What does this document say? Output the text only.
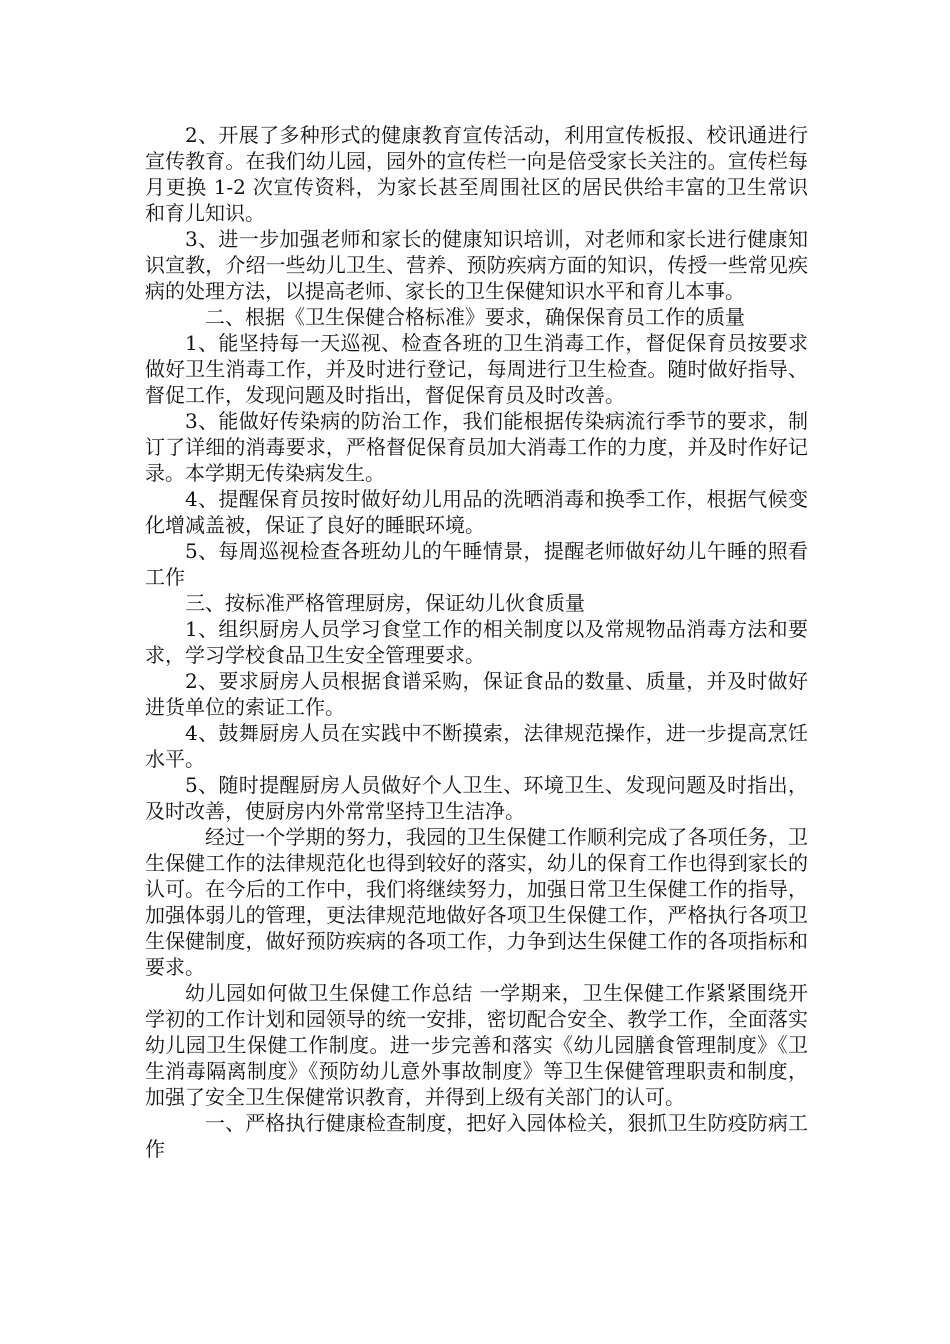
2、开展了多种形式的健康教育宣传活动，利用宣传板报、校讯通进行宣传教育。在我们幼儿园，园外的宣传栏一向是倍受家长关注的。宣传栏每月更换 1-2 次宣传资料，为家长甚至周围社区的居民供给丰富的卫生常识和育儿知识。

3、进一步加强老师和家长的健康知识培训，对老师和家长进行健康知识宣教，介绍一些幼儿卫生、营养、预防疾病方面的知识，传授一些常见疾病的处理方法，以提高老师、家长的卫生保健知识水平和育儿本事。

二、根据《卫生保健合格标准》要求，确保保育员工作的质量

1、能坚持每一天巡视、检查各班的卫生消毒工作，督促保育员按要求做好卫生消毒工作，并及时进行登记，每周进行卫生检查。随时做好指导、督促工作，发现问题及时指出，督促保育员及时改善。

3、能做好传染病的防治工作，我们能根据传染病流行季节的要求，制订了详细的消毒要求，严格督促保育员加大消毒工作的力度，并及时作好记录。本学期无传染病发生。

4、提醒保育员按时做好幼儿用品的洗晒消毒和换季工作，根据气候变化增减盖被，保证了良好的睡眠环境。

5、每周巡视检查各班幼儿的午睡情景，提醒老师做好幼儿午睡的照看工作

三、按标准严格管理厨房，保证幼儿伙食质量

1、组织厨房人员学习食堂工作的相关制度以及常规物品消毒方法和要求，学习学校食品卫生安全管理要求。

2、要求厨房人员根据食谱采购，保证食品的数量、质量，并及时做好进货单位的索证工作。

4、鼓舞厨房人员在实践中不断摸索，法律规范操作，进一步提高烹饪水平。

5、随时提醒厨房人员做好个人卫生、环境卫生、发现问题及时指出，及时改善，使厨房内外常常坚持卫生洁净。

经过一个学期的努力，我园的卫生保健工作顺利完成了各项任务，卫生保健工作的法律规范化也得到较好的落实，幼儿的保育工作也得到家长的认可。在今后的工作中，我们将继续努力，加强日常卫生保健工作的指导，加强体弱儿的管理，更法律规范地做好各项卫生保健工作，严格执行各项卫生保健制度，做好预防疾病的各项工作，力争到达生保健工作的各项指标和要求。

幼儿园如何做卫生保健工作总结 一学期来，卫生保健工作紧紧围绕开学初的工作计划和园领导的统一安排，密切配合安全、教学工作，全面落实幼儿园卫生保健工作制度。进一步完善和落实《幼儿园膳食管理制度》《卫生消毒隔离制度》《预防幼儿意外事故制度》等卫生保健管理职责和制度，加强了安全卫生保健常识教育，并得到上级有关部门的认可。

一、严格执行健康检查制度，把好入园体检关，狠抓卫生防疫防病工作
